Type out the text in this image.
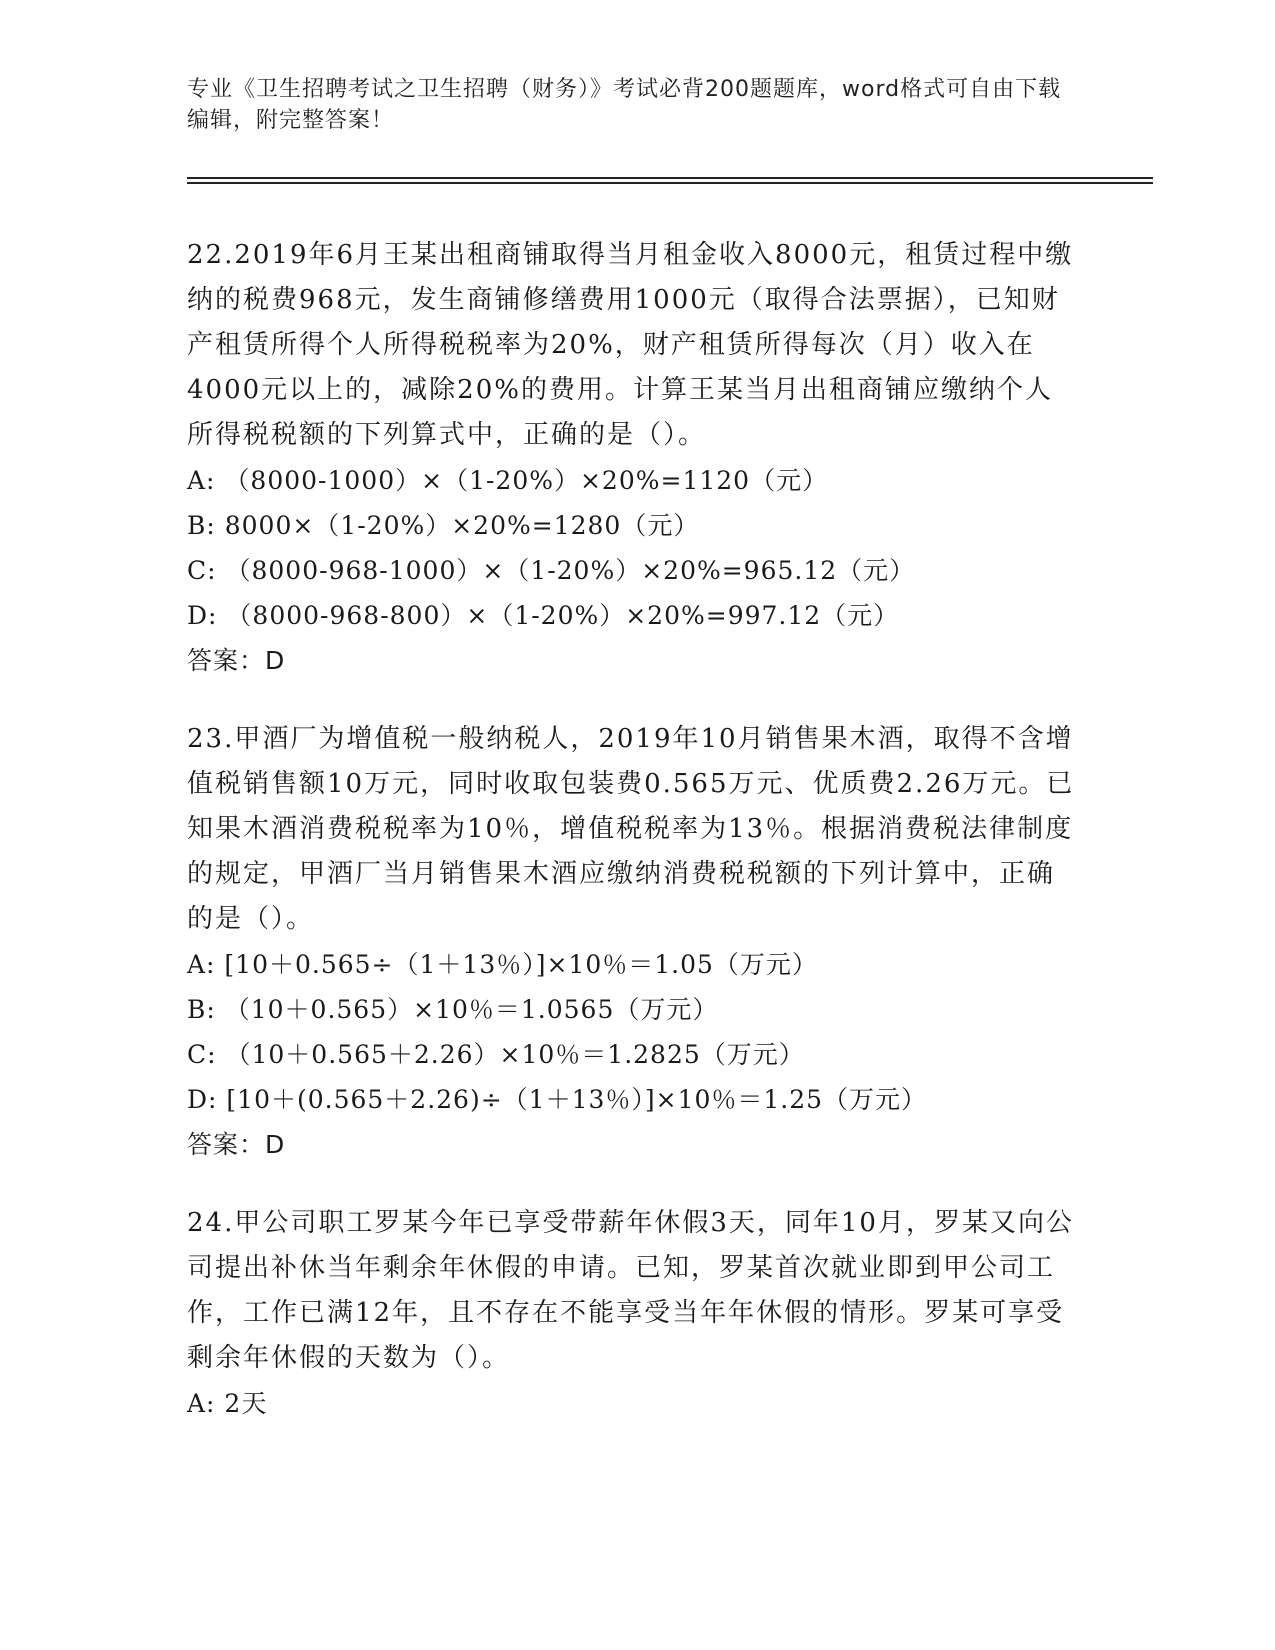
专业《卫生招聘考试之卫生招聘（财务）》考试必背200题题库，word格式可自由下载编辑，附完整答案！

22.2019年6月王某出租商铺取得当月租金收入8000元，租赁过程中缴纳的税费968元，发生商铺修缮费用1000元（取得合法票据），已知财产租赁所得个人所得税税率为20%，财产租赁所得每次（月）收入在4000元以上的，减除20%的费用。计算王某当月出租商铺应缴纳个人所得税税额的下列算式中，正确的是（）。

A: （8000-1000）×（1-20%）×20%=1120（元）

B: 8000×（1-20%）×20%=1280（元）

C: （8000-968-1000）×（1-20%）×20%=965.12（元）

D: （8000-968-800）×（1-20%）×20%=997.12（元）

答案：D

23.甲酒厂为增值税一般纳税人，2019年10月销售果木酒，取得不含增值税销售额10万元，同时收取包装费0.565万元、优质费2.26万元。已知果木酒消费税税率为10％，增值税税率为13％。根据消费税法律制度的规定，甲酒厂当月销售果木酒应缴纳消费税税额的下列计算中，正确的是（）。

A: [10＋0.565÷（1＋13％）]×10％＝1.05（万元）

B: （10＋0.565）×10％＝1.0565（万元）

C: （10＋0.565＋2.26）×10％＝1.2825（万元）

D: [10＋(0.565＋2.26)÷（1＋13％）]×10％＝1.25（万元）

答案：D

24.甲公司职工罗某今年已享受带薪年休假3天，同年10月，罗某又向公司提出补休当年剩余年休假的申请。已知，罗某首次就业即到甲公司工作，工作已满12年，且不存在不能享受当年年休假的情形。罗某可享受剩余年休假的天数为（）。

A: 2天
